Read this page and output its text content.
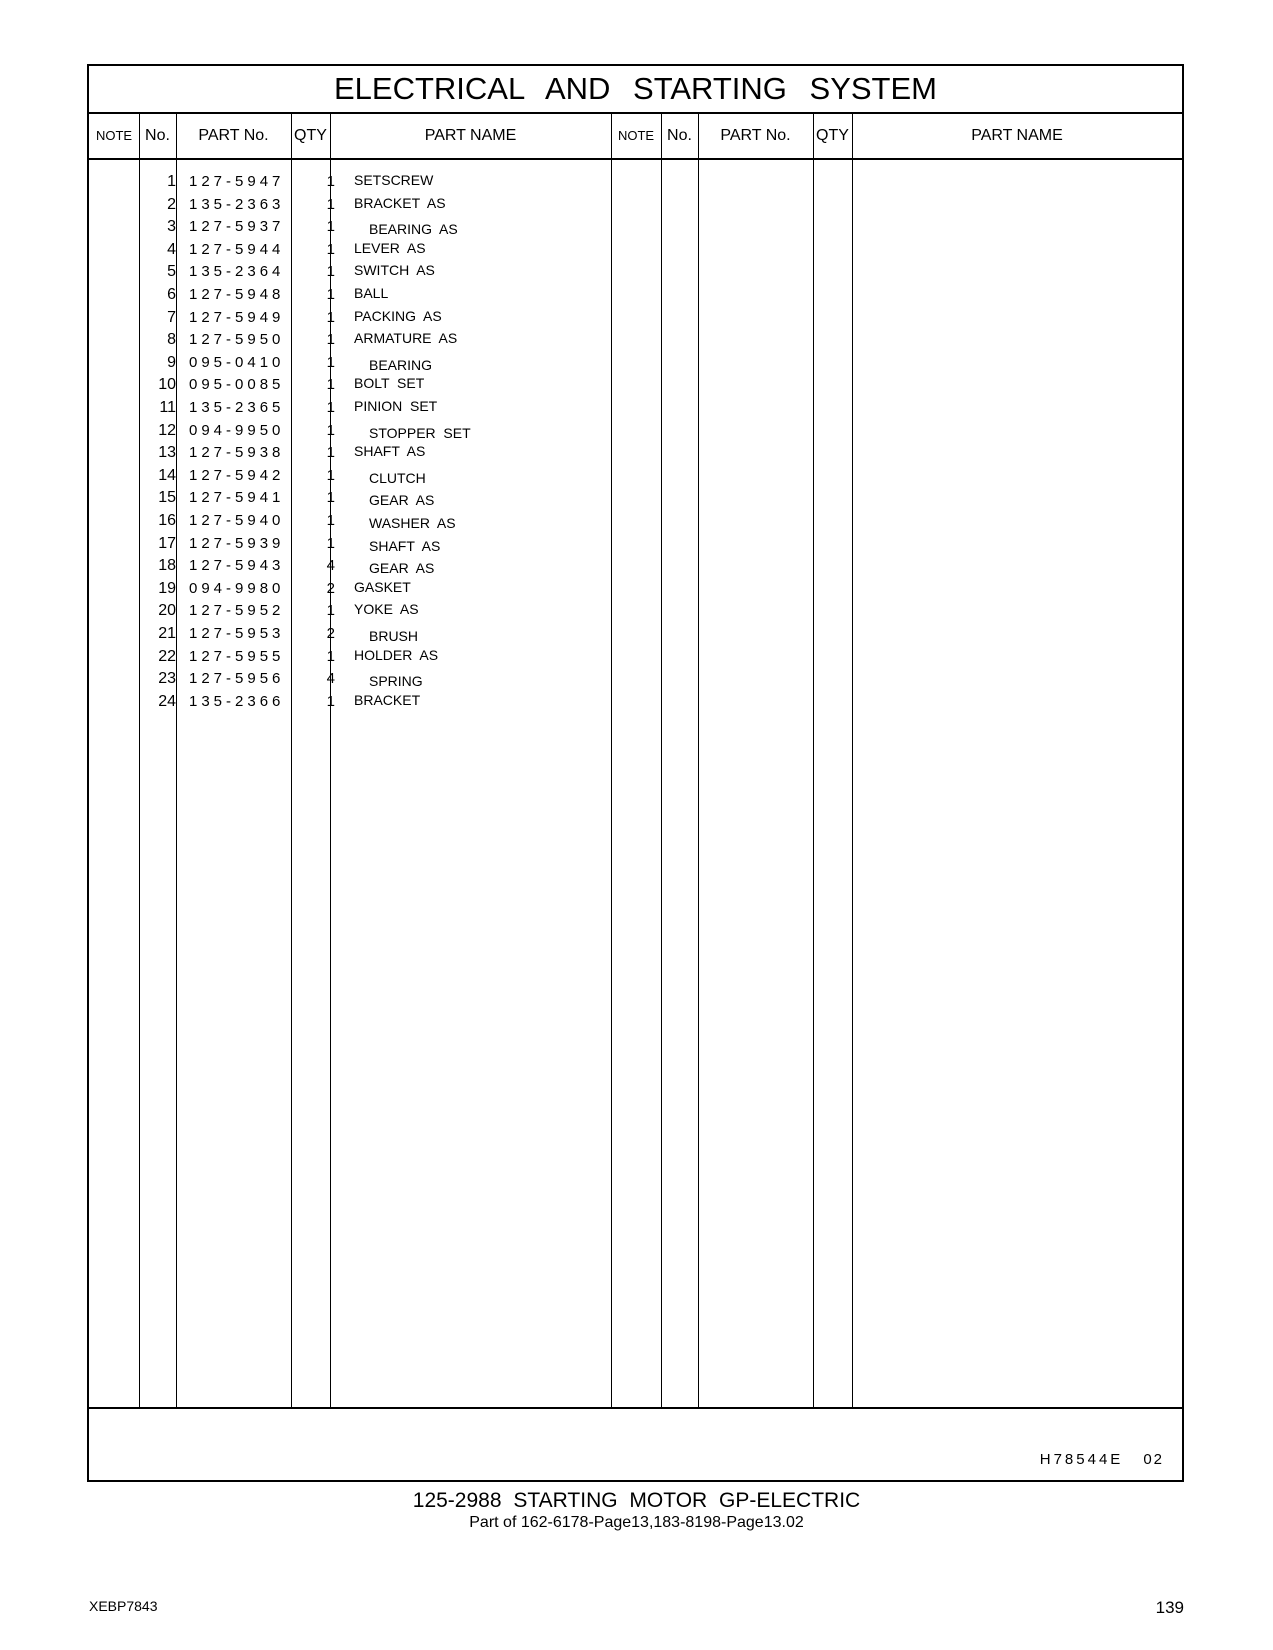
ELECTRICAL AND STARTING SYSTEM
NOTE No.	PART No.	QTY	PART NAME	NOTE No.	PART No.	QTY	PART NAME
1 127-5947	1 SETSCREW
2 135-2363	1 BRACKET  AS
3 127-5937	1 BEARING  AS
4 127-5944	1 LEVER  AS
5 135-2364	1 SWITCH  AS
6 127-5948	1 BALL
7 127-5949	1 PACKING  AS
8 127-5950	1 ARMATURE  AS
9 095-0410	1 BEARING
10 095-0085	1 BOLT  SET
11 135-2365	1 PINION  SET
12 094-9950	1 STOPPER  SET
13 127-5938	1 SHAFT  AS
14 127-5942	1 CLUTCH
15 127-5941	1 GEAR  AS
16 127-5940	1 WASHER  AS
17 127-5939	1 SHAFT  AS
18 127-5943	4 GEAR  AS
19 094-9980	2 GASKET
20 127-5952	1 YOKE  AS
21 127-5953	2 BRUSH
22 127-5955	1 HOLDER  AS
23 127-5956	4 SPRING
24 135-2366	1 BRACKET
H78544E 02
125-2988 STARTING MOTOR GP-ELECTRIC
Part of 162-6178-Page13,183-8198-Page13.02
XEBP7843	139
